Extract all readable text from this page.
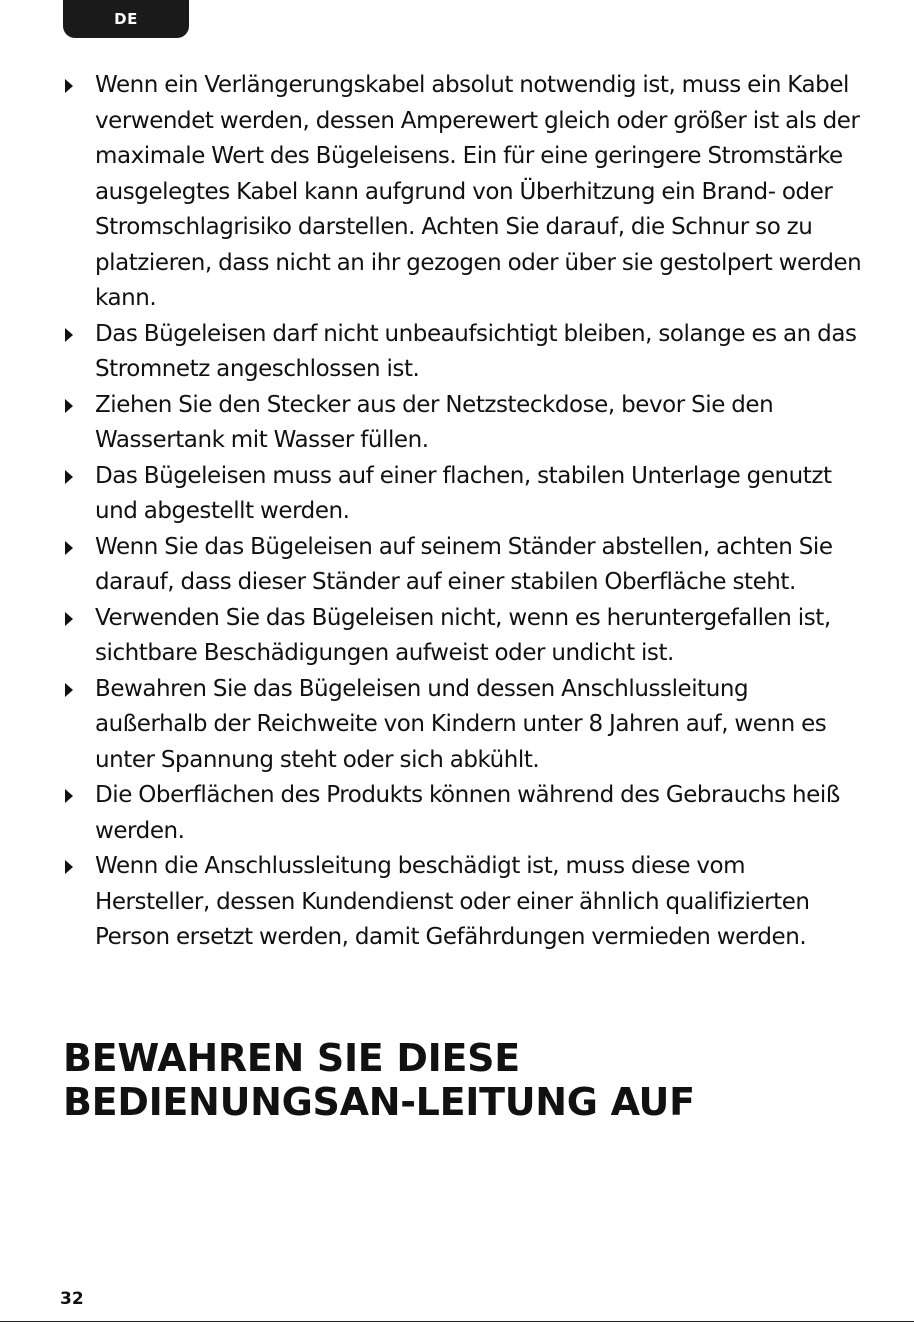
DE
Wenn ein Verlängerungskabel absolut notwendig ist, muss ein Kabel verwendet werden, dessen Amperewert gleich oder größer ist als der maximale Wert des Bügeleisens. Ein für eine geringere Stromstärke ausgelegtes Kabel kann aufgrund von Überhitzung ein Brand- oder Stromschlagrisiko darstellen. Achten Sie darauf, die Schnur so zu platzieren, dass nicht an ihr gezogen oder über sie gestolpert werden kann.
Das Bügeleisen darf nicht unbeaufsichtigt bleiben, solange es an das Stromnetz angeschlossen ist.
Ziehen Sie den Stecker aus der Netzsteckdose, bevor Sie den Wassertank mit Wasser füllen.
Das Bügeleisen muss auf einer flachen, stabilen Unterlage genutzt und abgestellt werden.
Wenn Sie das Bügeleisen auf seinem Ständer abstellen, achten Sie darauf, dass dieser Ständer auf einer stabilen Oberfläche steht.
Verwenden Sie das Bügeleisen nicht, wenn es heruntergefallen ist, sichtbare Beschädigungen aufweist oder undicht ist.
Bewahren Sie das Bügeleisen und dessen Anschlussleitung außerhalb der Reichweite von Kindern unter 8 Jahren auf, wenn es unter Spannung steht oder sich abkühlt.
Die Oberflächen des Produkts können während des Gebrauchs heiß werden.
Wenn die Anschlussleitung beschädigt ist, muss diese vom Hersteller, dessen Kundendienst oder einer ähnlich qualifizierten Person ersetzt werden, damit Gefährdungen vermieden werden.
BEWAHREN SIE DIESE
BEDIENUNGSAN-LEITUNG AUF
32
